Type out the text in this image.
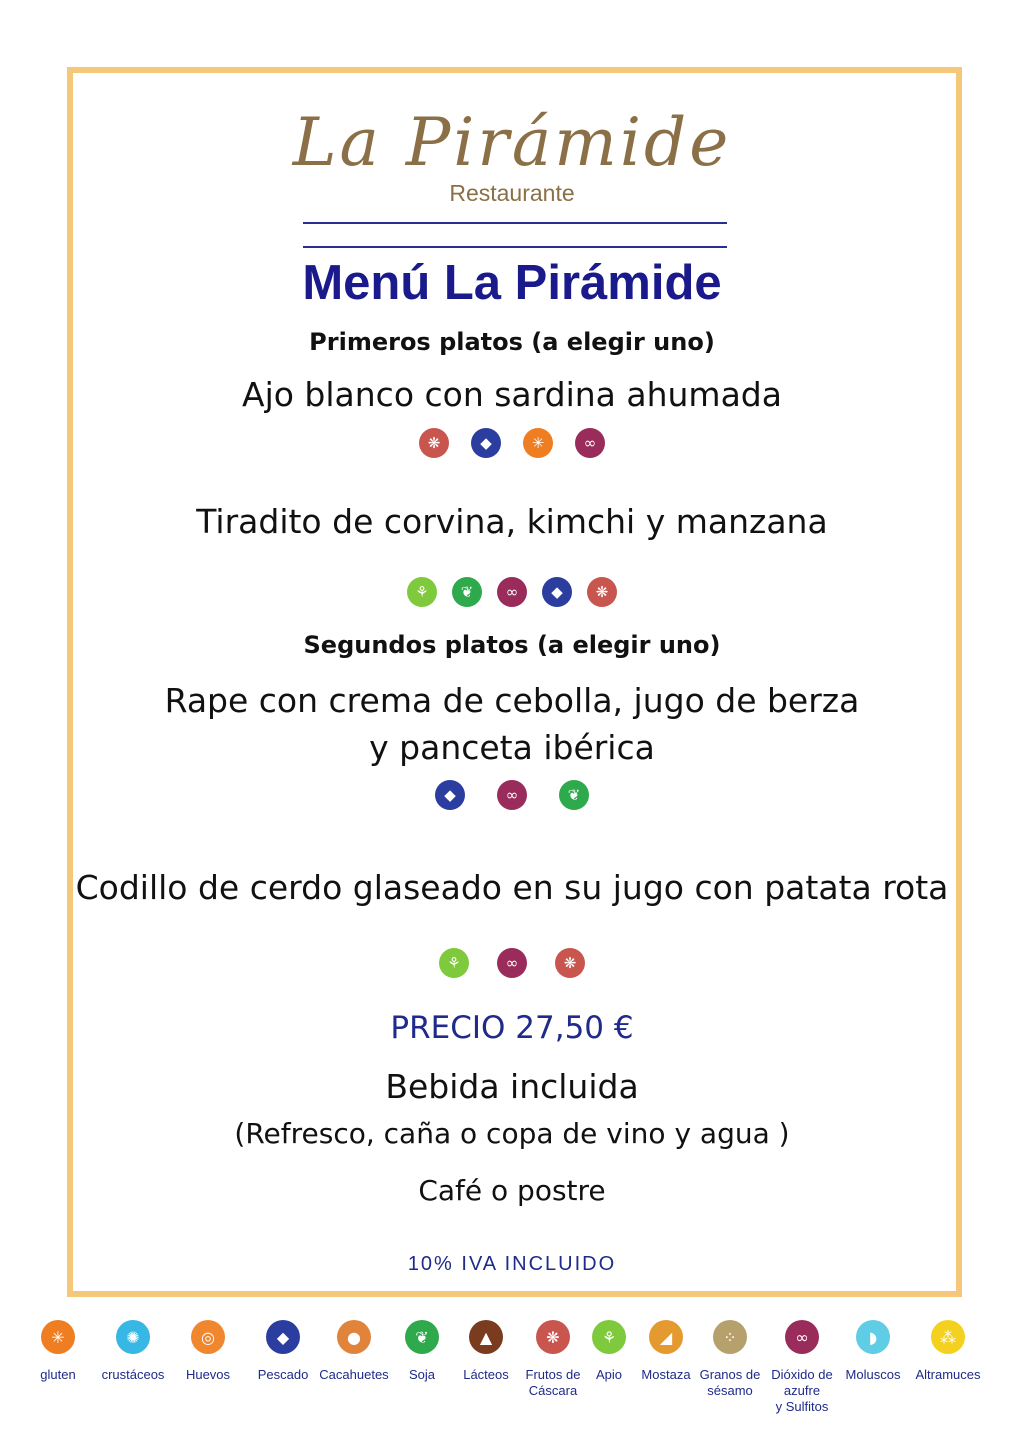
La Pirámide
Restaurante
Menú La Pirámide
Primeros platos (a elegir uno)
Ajo blanco con sardina ahumada
❋	◆	✳	∞
Tiradito de corvina, kimchi y manzana
⚘	❦	∞	◆	❋
Segundos platos (a elegir uno)
Rape con crema de cebolla, jugo de berza
y panceta ibérica
◆	∞	❦
Codillo de cerdo glaseado en su jugo con patata rota
⚘	∞	❋
PRECIO 27,50 €
Bebida incluida
(Refresco, caña o copa de vino y agua )
Café o postre
10% IVA INCLUIDO
✳
gluten
✺
crustáceos
◎
Huevos
◆
Pescado
●
Cacahuetes
❦
Soja
▲
Lácteos
❋
Frutos de
Cáscara
⚘
Apio
◢
Mostaza
⁘
Granos de
sésamo
∞
Dióxido de
azufre
y Sulfitos
◗
Moluscos
⁂
Altramuces
